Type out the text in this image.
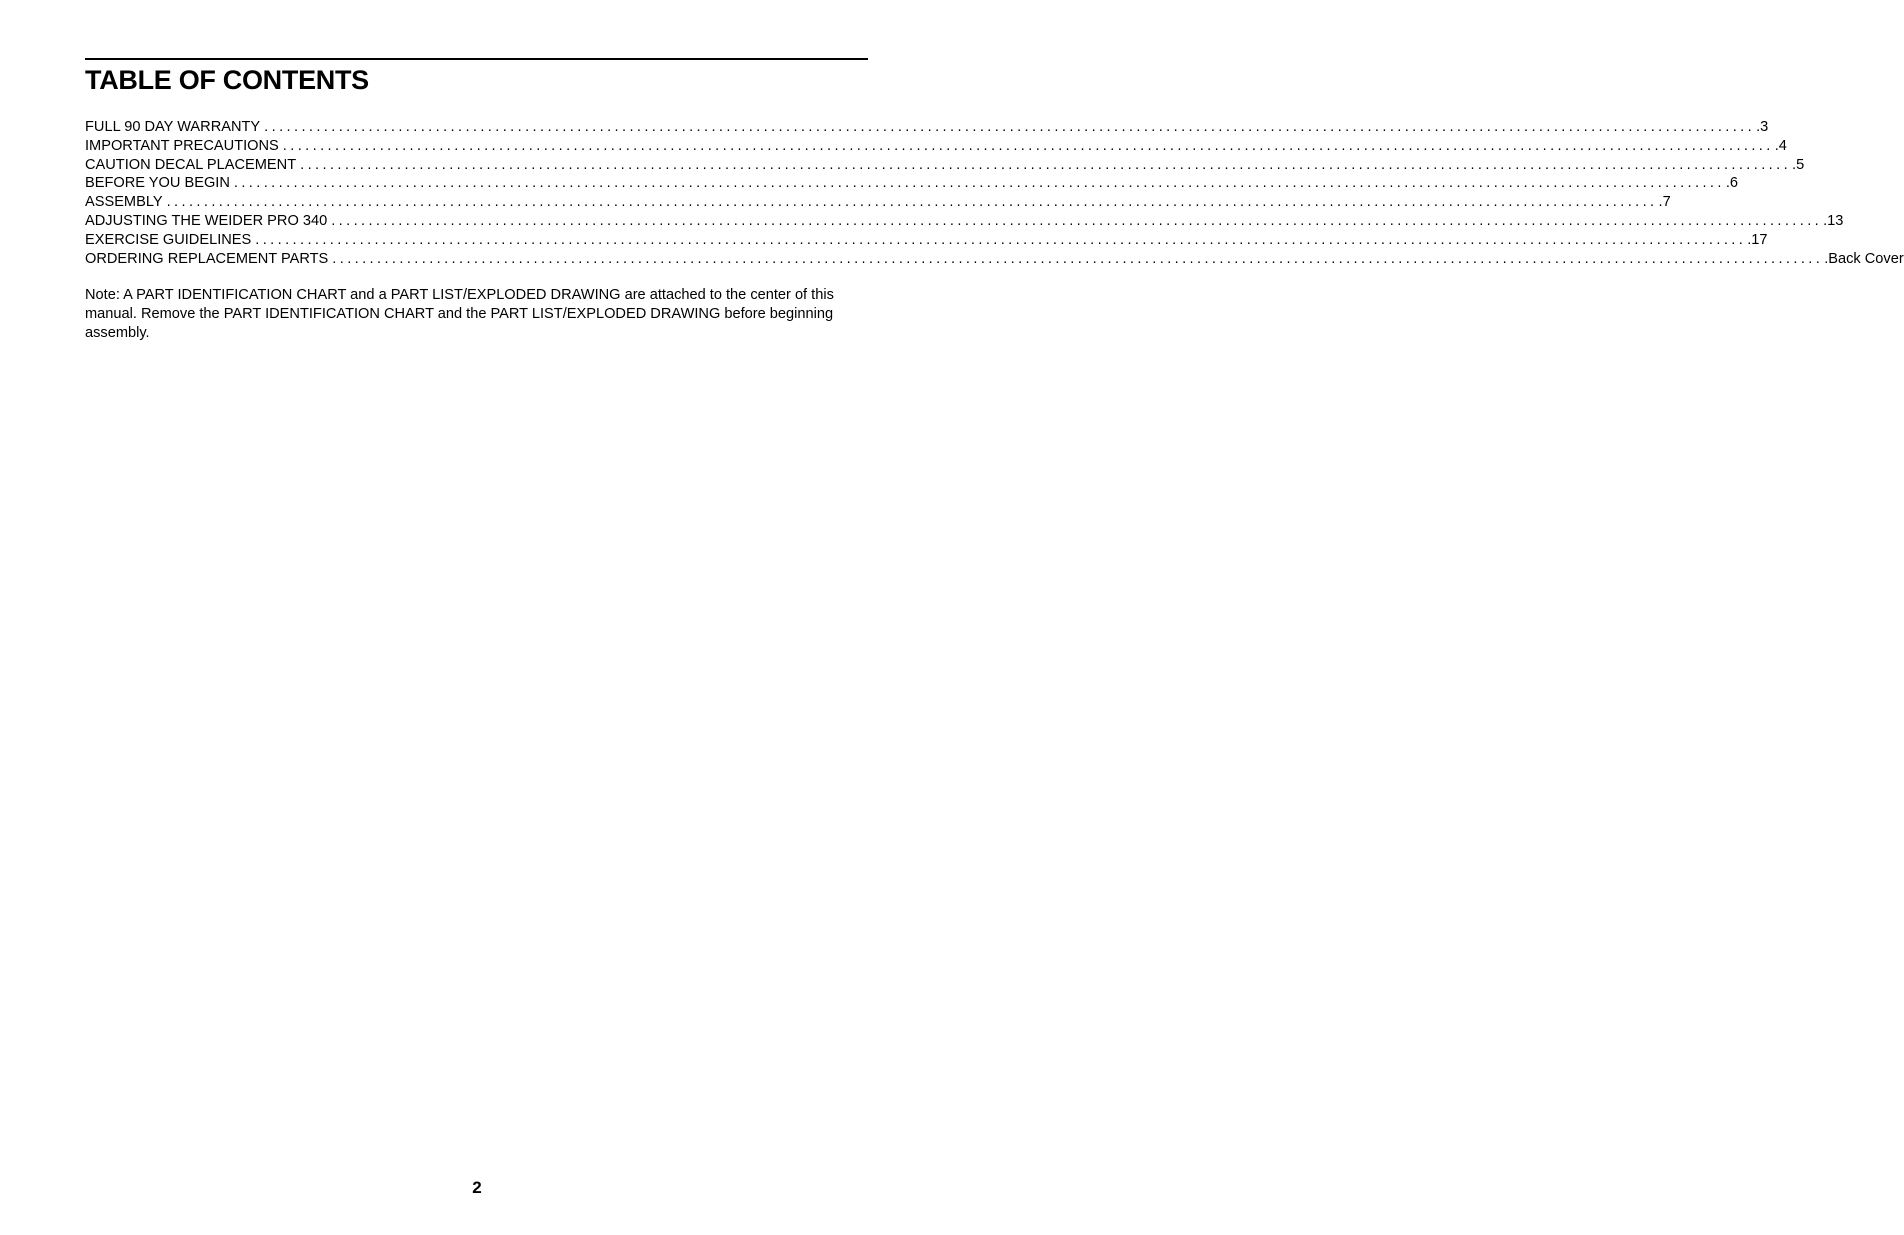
TABLE OF CONTENTS
FULL 90 DAY WARRANTY ........................................................................................................................................................................................................ .3
IMPORTANT PRECAUTIONS ........................................................................................................................................................................................................ .4
CAUTION DECAL PLACEMENT ........................................................................................................................................................................................................ .5
BEFORE YOU BEGIN ........................................................................................................................................................................................................ .6
ASSEMBLY ........................................................................................................................................................................................................ .7
ADJUSTING THE WEIDER PRO 340 ........................................................................................................................................................................................................ .13
EXERCISE GUIDELINES ........................................................................................................................................................................................................ .17
ORDERING REPLACEMENT PARTS ........................................................................................................................................................................................................ .Back Cover

Note: A PART IDENTIFICATION CHART and a PART LIST/EXPLODED DRAWING are attached to the center of this manual. Remove the PART IDENTIFICATION CHART and the PART LIST/EXPLODED DRAWING before beginning assembly.

2
